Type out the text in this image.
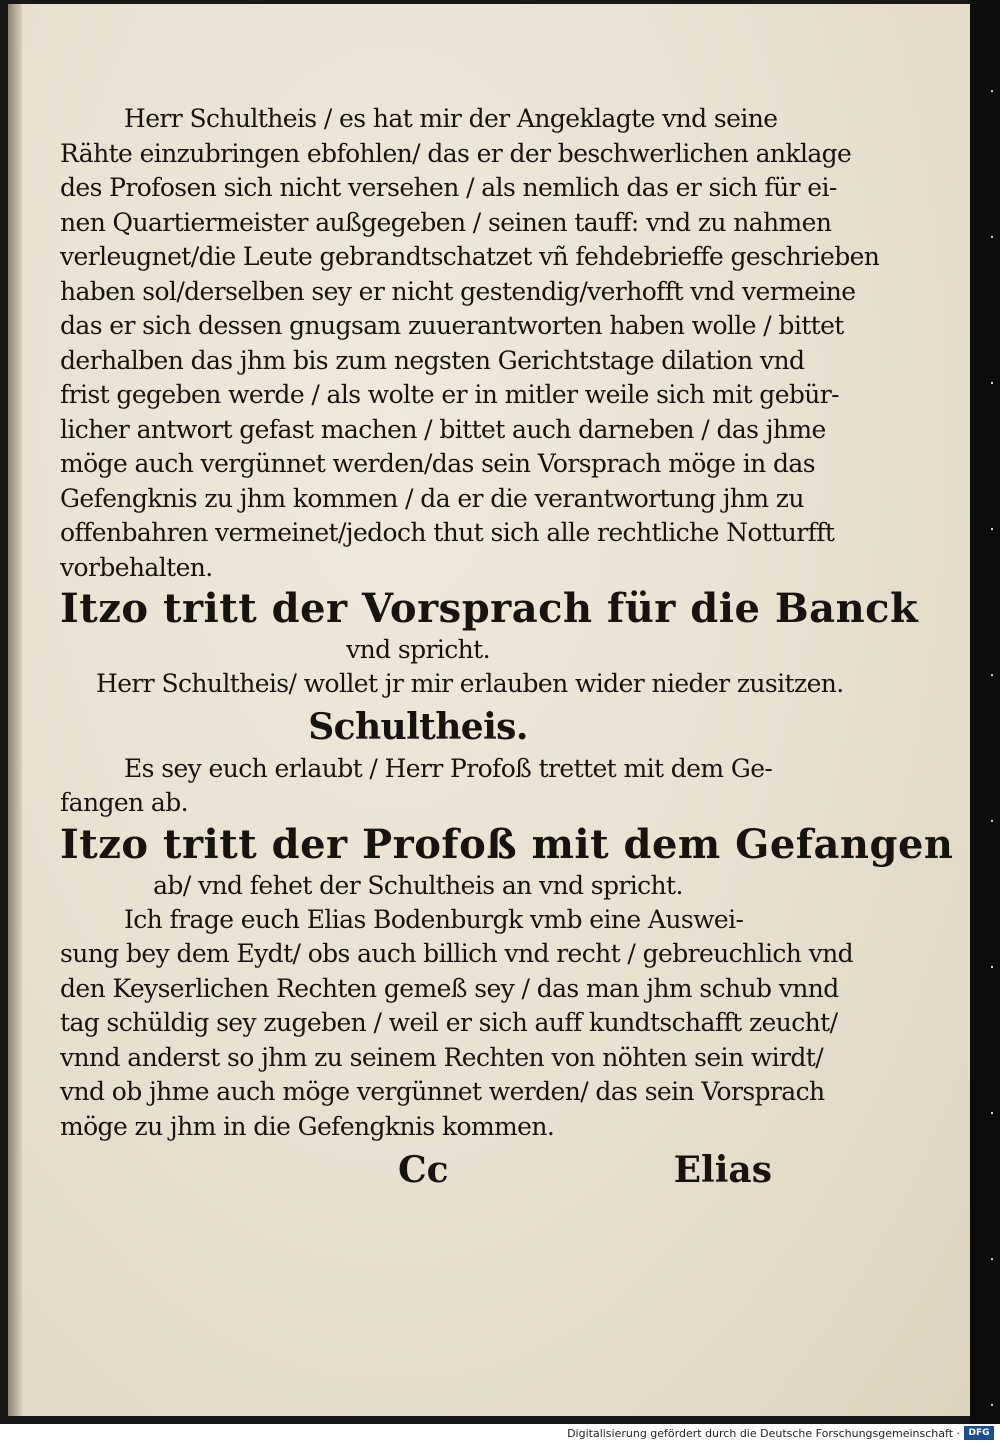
Herr Schultheis / es hat mir der Angeklagte vnd seine
Rähte einzubringen ebfohlen/ das er der beschwerlichen anklage
des Profosen sich nicht versehen / als nemlich das er sich für ei-
nen Quartiermeister außgegeben / seinen tauff: vnd zu nahmen
verleugnet/die Leute gebrandtschatzet vñ fehdebrieffe geschrieben
haben sol/derselben sey er nicht gestendig/verhofft vnd vermeine
das er sich dessen gnugsam zuuerantworten haben wolle / bittet
derhalben das jhm bis zum negsten Gerichtstage dilation vnd
frist gegeben werde / als wolte er in mitler weile sich mit gebür-
licher antwort gefast machen / bittet auch darneben / das jhme
möge auch vergünnet werden/das sein Vorsprach möge in das
Gefengknis zu jhm kommen / da er die verantwortung jhm zu
offenbahren vermeinet/jedoch thut sich alle rechtliche Notturfft
vorbehalten.
Itzo tritt der Vorsprach für die Banck
vnd spricht.
Herr Schultheis/ wollet jr mir erlauben wider nieder zusitzen.
Schultheis.
Es sey euch erlaubt / Herr Profoß trettet mit dem Ge-
fangen ab.
Itzo tritt der Profoß mit dem Gefangen
ab/ vnd fehet der Schultheis an vnd spricht.
Ich frage euch Elias Bodenburgk vmb eine Auswei-
sung bey dem Eydt/ obs auch billich vnd recht / gebreuchlich vnd
den Keyserlichen Rechten gemeß sey / das man jhm schub vnnd
tag schüldig sey zugeben / weil er sich auff kundtschafft zeucht/
vnnd anderst so jhm zu seinem Rechten von nöhten sein wirdt/
vnd ob jhme auch möge vergünnet werden/ das sein Vorsprach
möge zu jhm in die Gefengknis kommen.
Cc	Elias
Digitalisierung gefördert durch die Deutsche Forschungsgemeinschaft · DFG
